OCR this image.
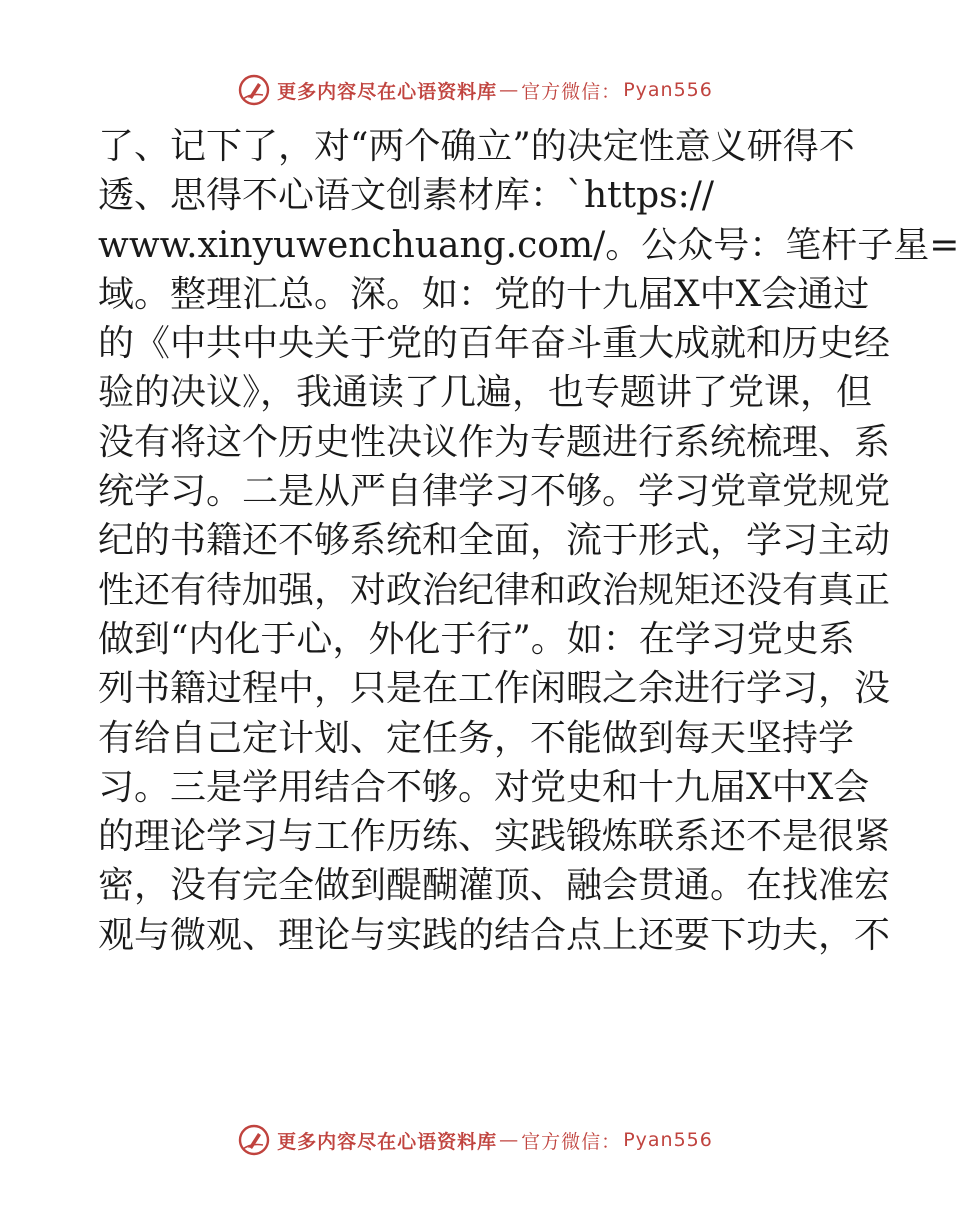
更多内容尽在心语资料库 — 官方微信： Pyan556
了、记下了，对“两个确立”的决定性意义研得不
透、思得不心语文创素材库：`https://
www.xinyuwenchuang.com/。公众号：笔杆子星=
域。整理汇总。深。如：党的十九届X中X会通过
的《中共中央关于党的百年奋斗重大成就和历史经
验的决议》，我通读了几遍，也专题讲了党课，但
没有将这个历史性决议作为专题进行系统梳理、系
统学习。二是从严自律学习不够。学习党章党规党
纪的书籍还不够系统和全面，流于形式，学习主动
性还有待加强，对政治纪律和政治规矩还没有真正
做到“内化于心，外化于行”。如：在学习党史系
列书籍过程中，只是在工作闲暇之余进行学习，没
有给自己定计划、定任务，不能做到每天坚持学
习。三是学用结合不够。对党史和十九届X中X会
的理论学习与工作历练、实践锻炼联系还不是很紧
密，没有完全做到醍醐灌顶、融会贯通。在找准宏
观与微观、理论与实践的结合点上还要下功夫，不
更多内容尽在心语资料库 — 官方微信： Pyan556
